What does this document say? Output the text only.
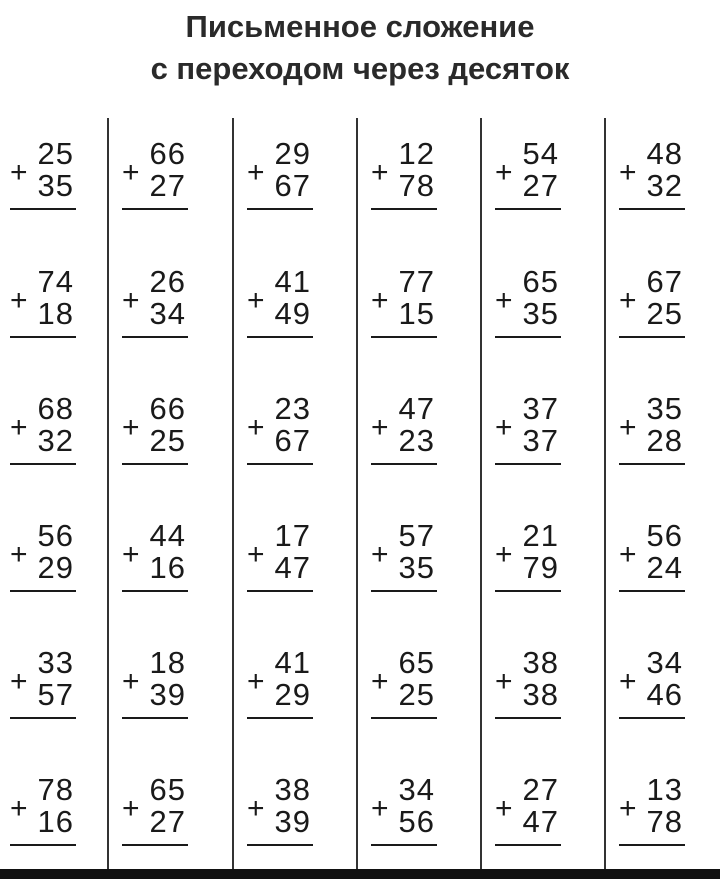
Письменное сложение
с переходом через десяток
+
25
35 +
66
27 +
29
67 +
12
78 +
54
27 +
48
32
+
74
18 +
26
34 +
41
49 +
77
15 +
65
35 +
67
25
+
68
32 +
66
25 +
23
67 +
47
23 +
37
37 +
35
28
+
56
29 +
44
16 +
17
47 +
57
35 +
21
79 +
56
24
+
33
57 +
18
39 +
41
29 +
65
25 +
38
38 +
34
46
+
78
16 +
65
27 +
38
39 +
34
56 +
27
47 +
13
78
